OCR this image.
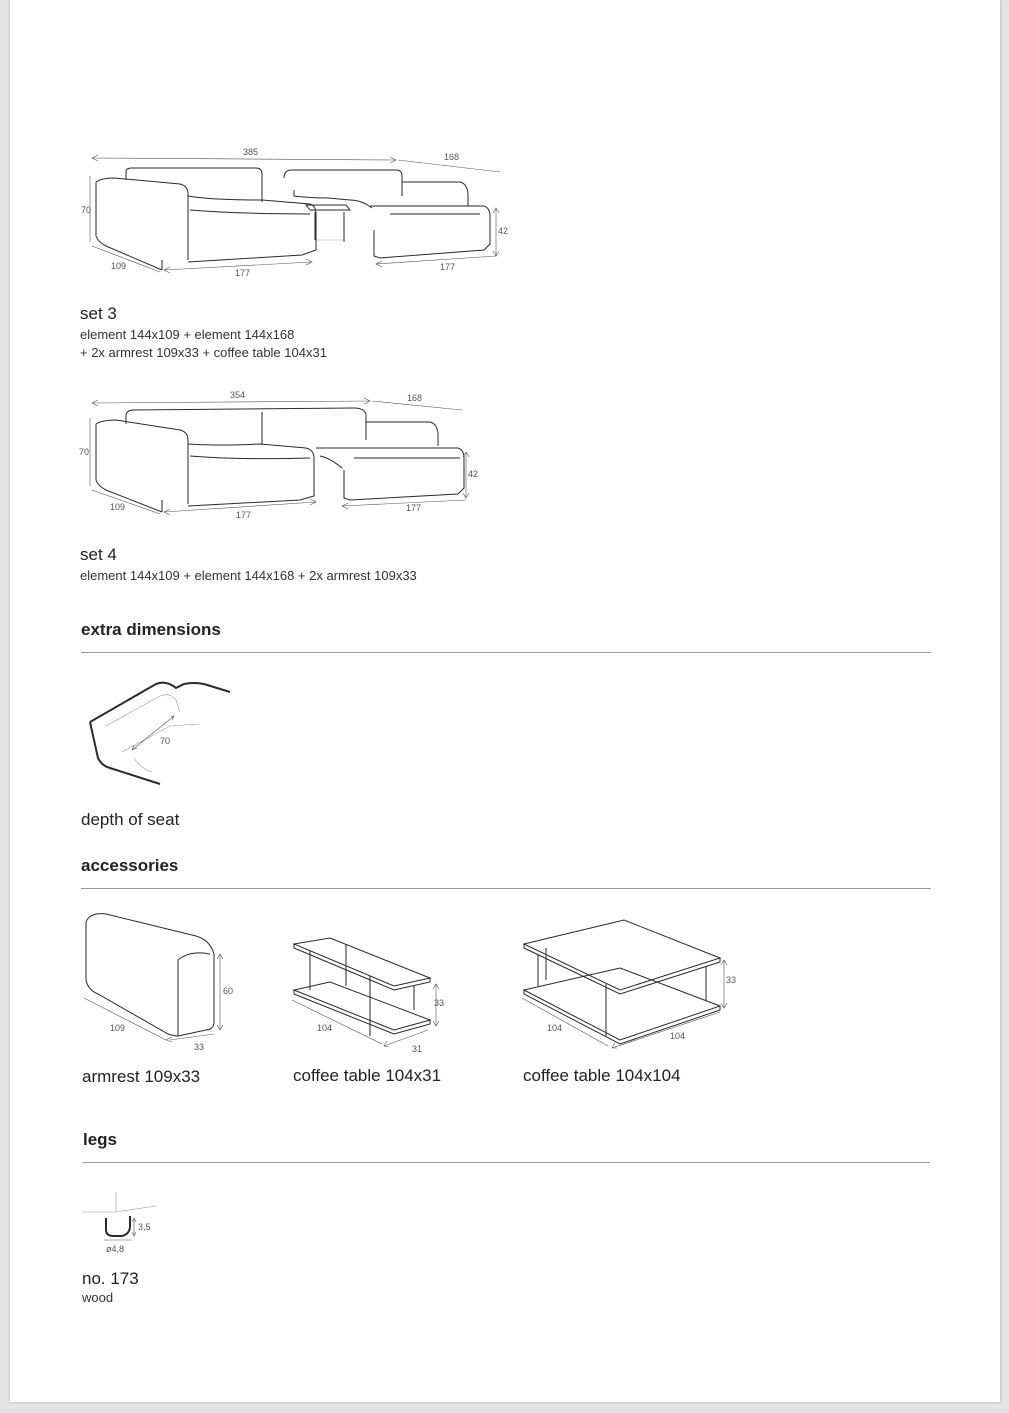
385	168
70
42
109
177
177
354	168
70
42
109
177
177
70
109
33
60
104
31
33
104
104
33
3,5
ø4,8
set 3
element 144x109 + element 144x168
+ 2x armrest 109x33 + coffee table 104x31
set 4
element 144x109 + element 144x168 + 2x armrest 109x33
extra dimensions
depth of seat
accessories
armrest 109x33	coffee table 104x31	coffee table 104x104
legs
no. 173
wood
